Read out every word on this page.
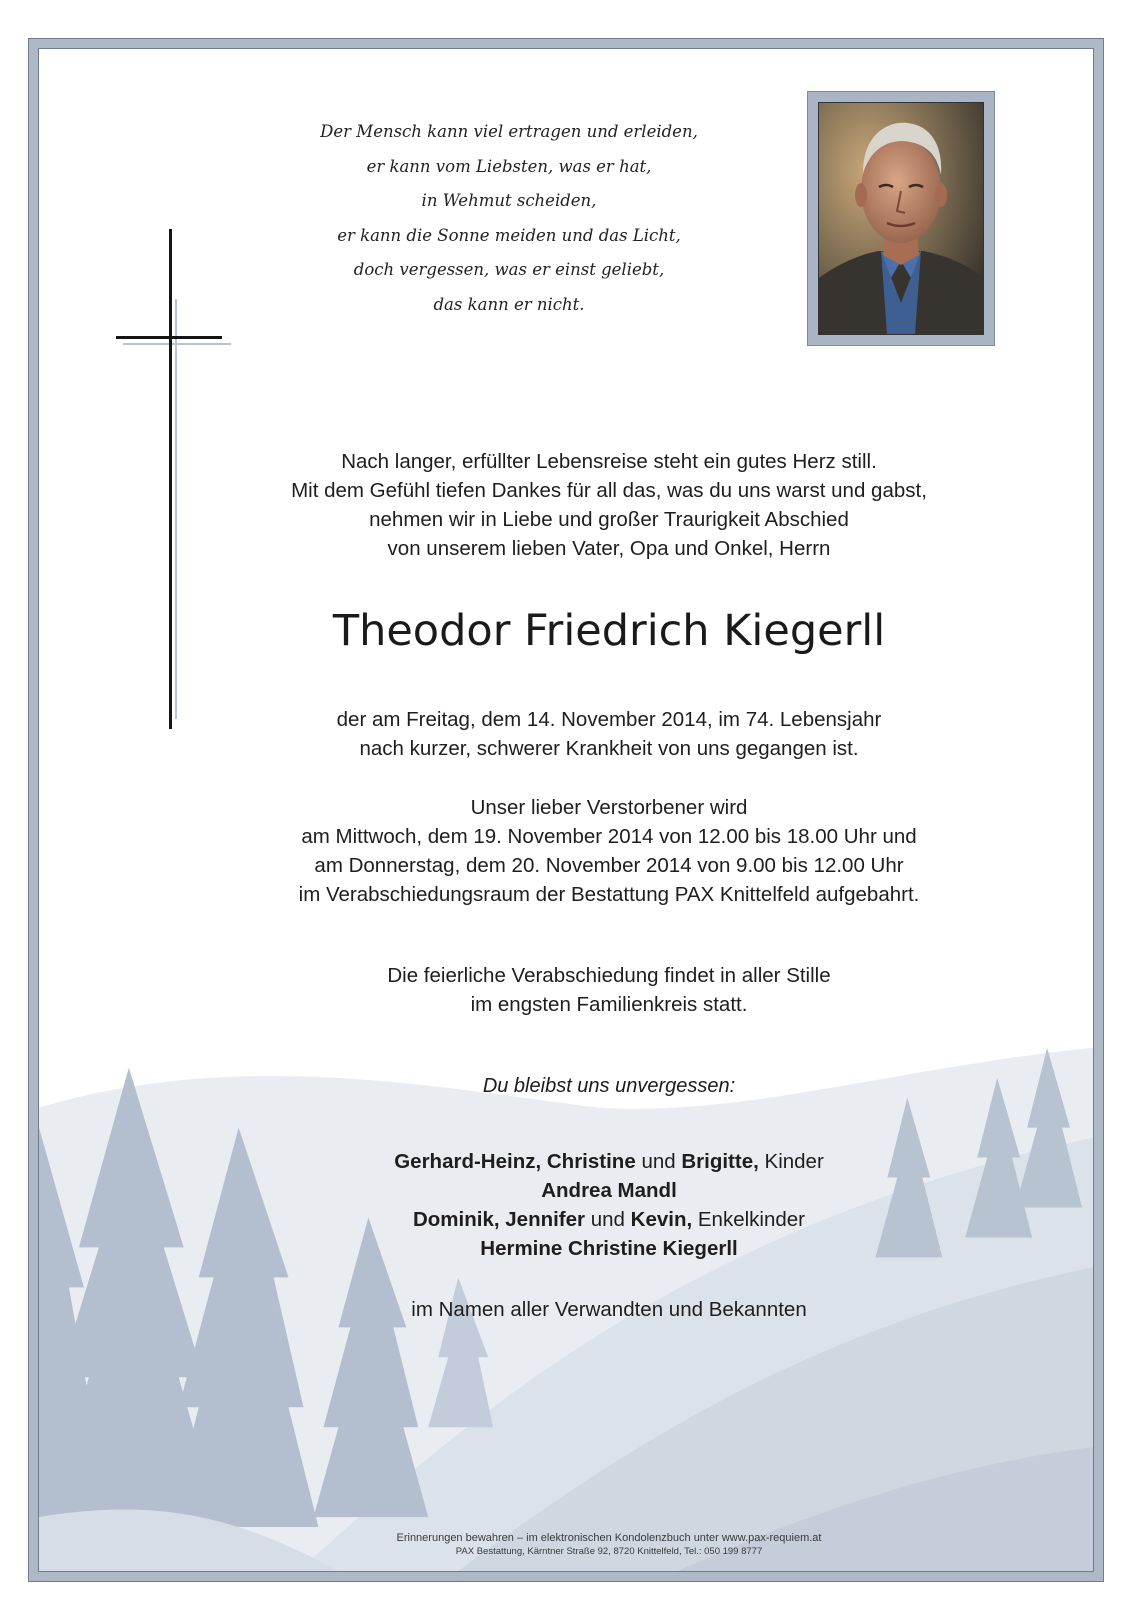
Der Mensch kann viel ertragen und erleiden,
er kann vom Liebsten, was er hat,
in Wehmut scheiden,
er kann die Sonne meiden und das Licht,
doch vergessen, was er einst geliebt,
das kann er nicht.
Nach langer, erfüllter Lebensreise steht ein gutes Herz still.
Mit dem Gefühl tiefen Dankes für all das, was du uns warst und gabst,
nehmen wir in Liebe und großer Traurigkeit Abschied
von unserem lieben Vater, Opa und Onkel, Herrn
Theodor Friedrich Kiegerll
der am Freitag, dem 14. November 2014, im 74. Lebensjahr
nach kurzer, schwerer Krankheit von uns gegangen ist.
Unser lieber Verstorbener wird
am Mittwoch, dem 19. November 2014 von 12.00 bis 18.00 Uhr und
am Donnerstag, dem 20. November 2014 von 9.00 bis 12.00 Uhr
im Verabschiedungsraum der Bestattung PAX Knittelfeld aufgebahrt.
Die feierliche Verabschiedung findet in aller Stille
im engsten Familienkreis statt.
Du bleibst uns unvergessen:
Gerhard-Heinz, Christine und Brigitte, Kinder
Andrea Mandl
Dominik, Jennifer und Kevin, Enkelkinder
Hermine Christine Kiegerll
im Namen aller Verwandten und Bekannten
Erinnerungen bewahren – im elektronischen Kondolenzbuch unter www.pax-requiem.at
PAX Bestattung, Kärntner Straße 92, 8720 Knittelfeld, Tel.: 050 199 8777
